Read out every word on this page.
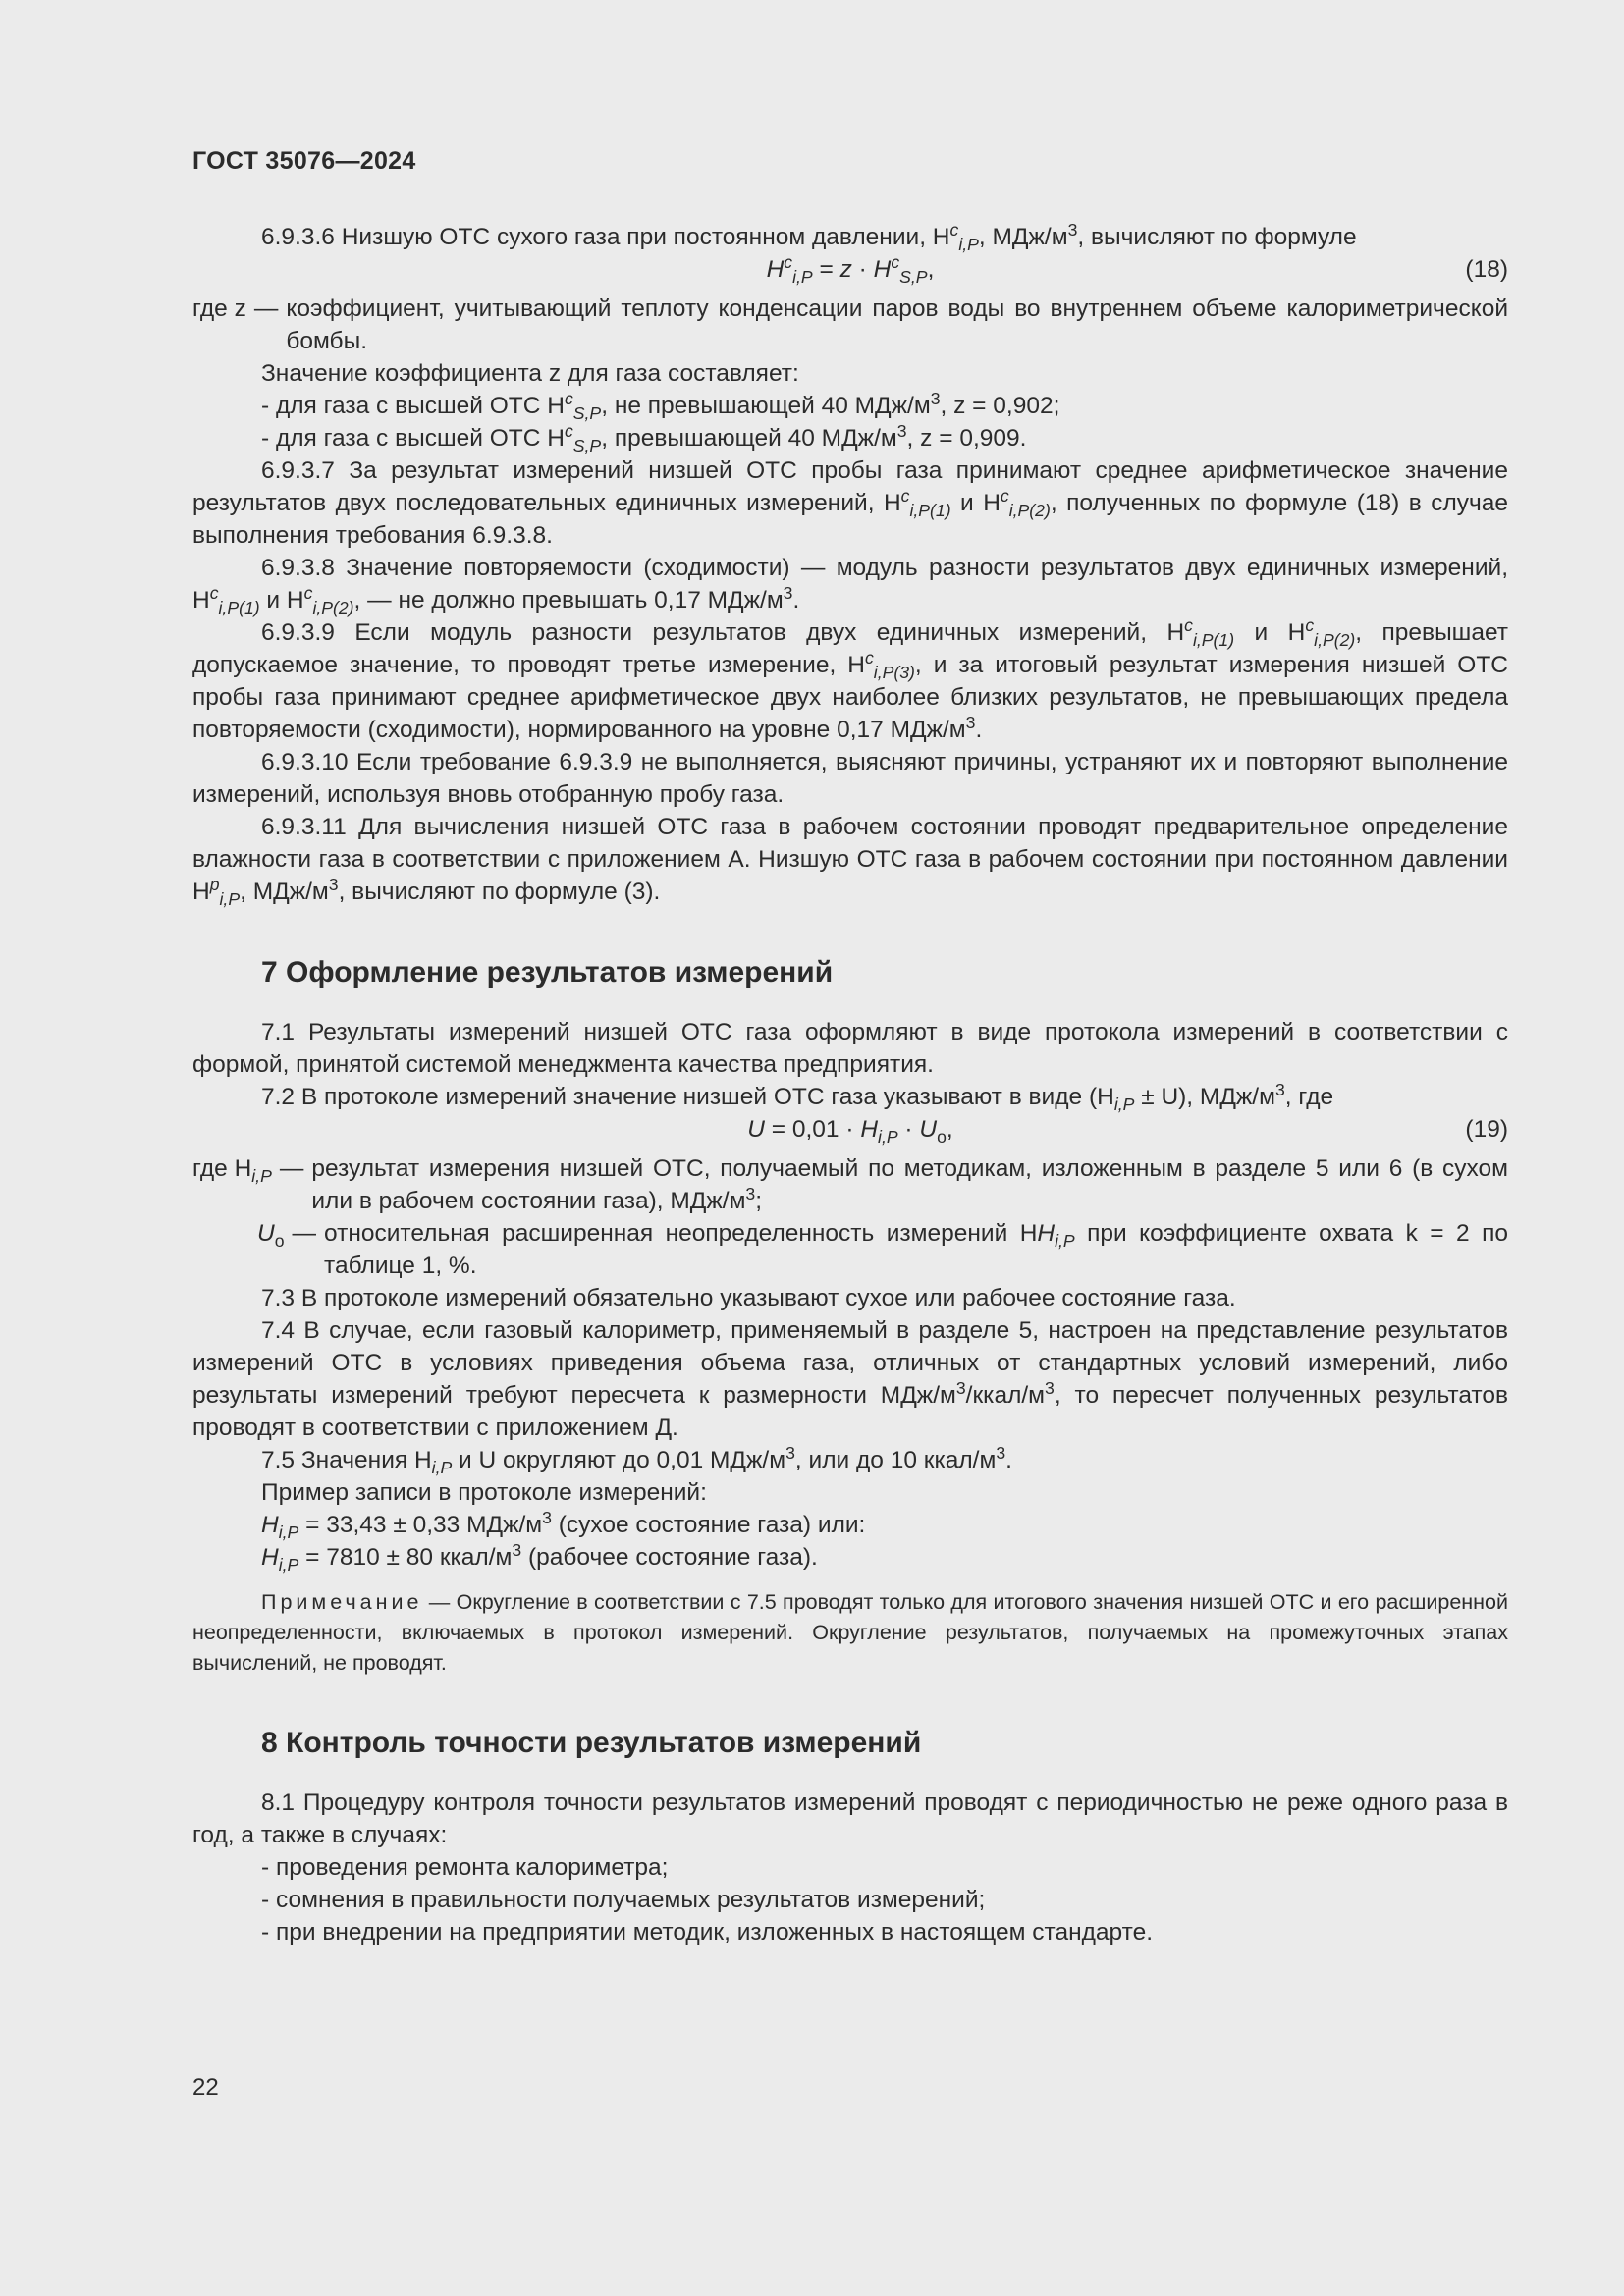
ГОСТ 35076—2024

6.9.3.6 Низшую ОТС сухого газа при постоянном давлении, $H^c_{i,P}$, МДж/$м^3$, вычисляют по формуле

$H^c_{i,P} = z \cdot H^c_{S,P}$,	(18)
где z — коэффициент, учитывающий теплоту конденсации паров воды во внутреннем объеме калориметрической бомбы.

Значение коэффициента z для газа составляет:

- для газа с высшей ОТС $H^c_{S,P}$, не превышающей 40 МДж/$м^3$, z = 0,902;

- для газа с высшей ОТС $H^c_{S,P}$, превышающей 40 МДж/$м^3$, z = 0,909.

6.9.3.7 За результат измерений низшей ОТС пробы газа принимают среднее арифметическое значение результатов двух последовательных единичных измерений, $H^c_{i,P(1)}$ и $H^c_{i,P(2)}$, полученных по формуле (18) в случае выполнения требования 6.9.3.8.

6.9.3.8 Значение повторяемости (сходимости) — модуль разности результатов двух единичных измерений, $H^c_{i,P(1)}$ и $H^c_{i,P(2)}$, — не должно превышать 0,17 МДж/$м^3$.

6.9.3.9 Если модуль разности результатов двух единичных измерений, $H^c_{i,P(1)}$ и $H^c_{i,P(2)}$, превышает допускаемое значение, то проводят третье измерение, $H^c_{i,P(3)}$, и за итоговый результат измерения низшей ОТС пробы газа принимают среднее арифметическое двух наиболее близких результатов, не превышающих предела повторяемости (сходимости), нормированного на уровне 0,17 МДж/$м^3$.

6.9.3.10 Если требование 6.9.3.9 не выполняется, выясняют причины, устраняют их и повторяют выполнение измерений, используя вновь отобранную пробу газа.

6.9.3.11 Для вычисления низшей ОТС газа в рабочем состоянии проводят предварительное определение влажности газа в соответствии с приложением А. Низшую ОТС газа в рабочем состоянии при постоянном давлении $H^p_{i,P}$, МДж/$м^3$, вычисляют по формуле (3).

7 Оформление результатов измерений

7.1 Результаты измерений низшей ОТС газа оформляют в виде протокола измерений в соответствии с формой, принятой системой менеджмента качества предприятия.

7.2 В протоколе измерений значение низшей ОТС газа указывают в виде $(H_{i,P} \pm U)$, МДж/$м^3$, где

$U = 0,01 \cdot H_{i,P} \cdot U_o$,	(19)
где $H_{i,P}$ — результат измерения низшей ОТС, получаемый по методикам, изложенным в разделе 5 или 6 (в сухом или в рабочем состоянии газа), МДж/$м^3$;
$U_o$ — относительная расширенная неопределенность измерений $HH_{i,P}$ при коэффициенте охвата k = 2 по таблице 1, %.

7.3 В протоколе измерений обязательно указывают сухое или рабочее состояние газа.

7.4 В случае, если газовый калориметр, применяемый в разделе 5, настроен на представление результатов измерений ОТС в условиях приведения объема газа, отличных от стандартных условий измерений, либо результаты измерений требуют пересчета к размерности МДж/$м^3/ккал/м^3$, то пересчет полученных результатов проводят в соответствии с приложением Д.

7.5 Значения $H_{i,P}$ и U округляют до 0,01 МДж/$м^3$, или до 10 ккал/$м^3$.

Пример записи в протоколе измерений:

$H_{i,P} = 33,43 \pm 0,33$ МДж/$м^3$ (сухое состояние газа) или:

$H_{i,P} = 7810 \pm 80$ ккал/$м^3$ (рабочее состояние газа).

Примечание — Округление в соответствии с 7.5 проводят только для итогового значения низшей ОТС и его расширенной неопределенности, включаемых в протокол измерений. Округление результатов, получаемых на промежуточных этапах вычислений, не проводят.

8 Контроль точности результатов измерений

8.1 Процедуру контроля точности результатов измерений проводят с периодичностью не реже одного раза в год, а также в случаях:

- проведения ремонта калориметра;

- сомнения в правильности получаемых результатов измерений;

- при внедрении на предприятии методик, изложенных в настоящем стандарте.

22
